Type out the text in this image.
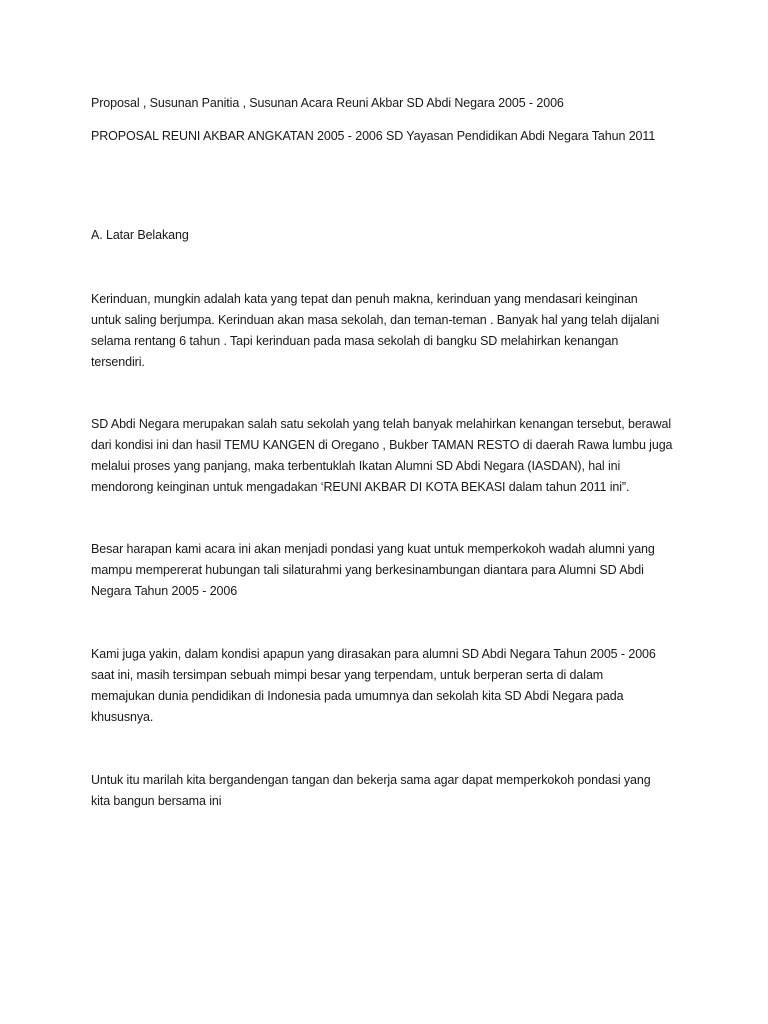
Proposal , Susunan Panitia , Susunan Acara Reuni Akbar SD Abdi Negara 2005 - 2006

PROPOSAL REUNI AKBAR ANGKATAN 2005 - 2006 SD Yayasan Pendidikan Abdi Negara Tahun 2011

A. Latar Belakang

Kerinduan, mungkin adalah kata yang tepat dan penuh makna, kerinduan yang mendasari keinginan
untuk saling berjumpa. Kerinduan akan masa sekolah, dan teman-teman . Banyak hal yang telah dijalani
selama rentang 6 tahun . Tapi kerinduan pada masa sekolah di bangku SD melahirkan kenangan
tersendiri.

SD Abdi Negara merupakan salah satu sekolah yang telah banyak melahirkan kenangan tersebut, berawal
dari kondisi ini dan hasil TEMU KANGEN di Oregano , Bukber TAMAN RESTO di daerah Rawa lumbu juga
melalui proses yang panjang, maka terbentuklah Ikatan Alumni SD Abdi Negara (IASDAN), hal ini
mendorong keinginan untuk mengadakan ‘REUNI AKBAR DI KOTA BEKASI dalam tahun 2011 ini”.

Besar harapan kami acara ini akan menjadi pondasi yang kuat untuk memperkokoh wadah alumni yang
mampu mempererat hubungan tali silaturahmi yang berkesinambungan diantara para Alumni SD Abdi
Negara Tahun 2005 - 2006

Kami juga yakin, dalam kondisi apapun yang dirasakan para alumni SD Abdi Negara Tahun 2005 - 2006
saat ini, masih tersimpan sebuah mimpi besar yang terpendam, untuk berperan serta di dalam
memajukan dunia pendidikan di Indonesia pada umumnya dan sekolah kita SD Abdi Negara pada
khususnya.

Untuk itu marilah kita bergandengan tangan dan bekerja sama agar dapat memperkokoh pondasi yang
kita bangun bersama ini
